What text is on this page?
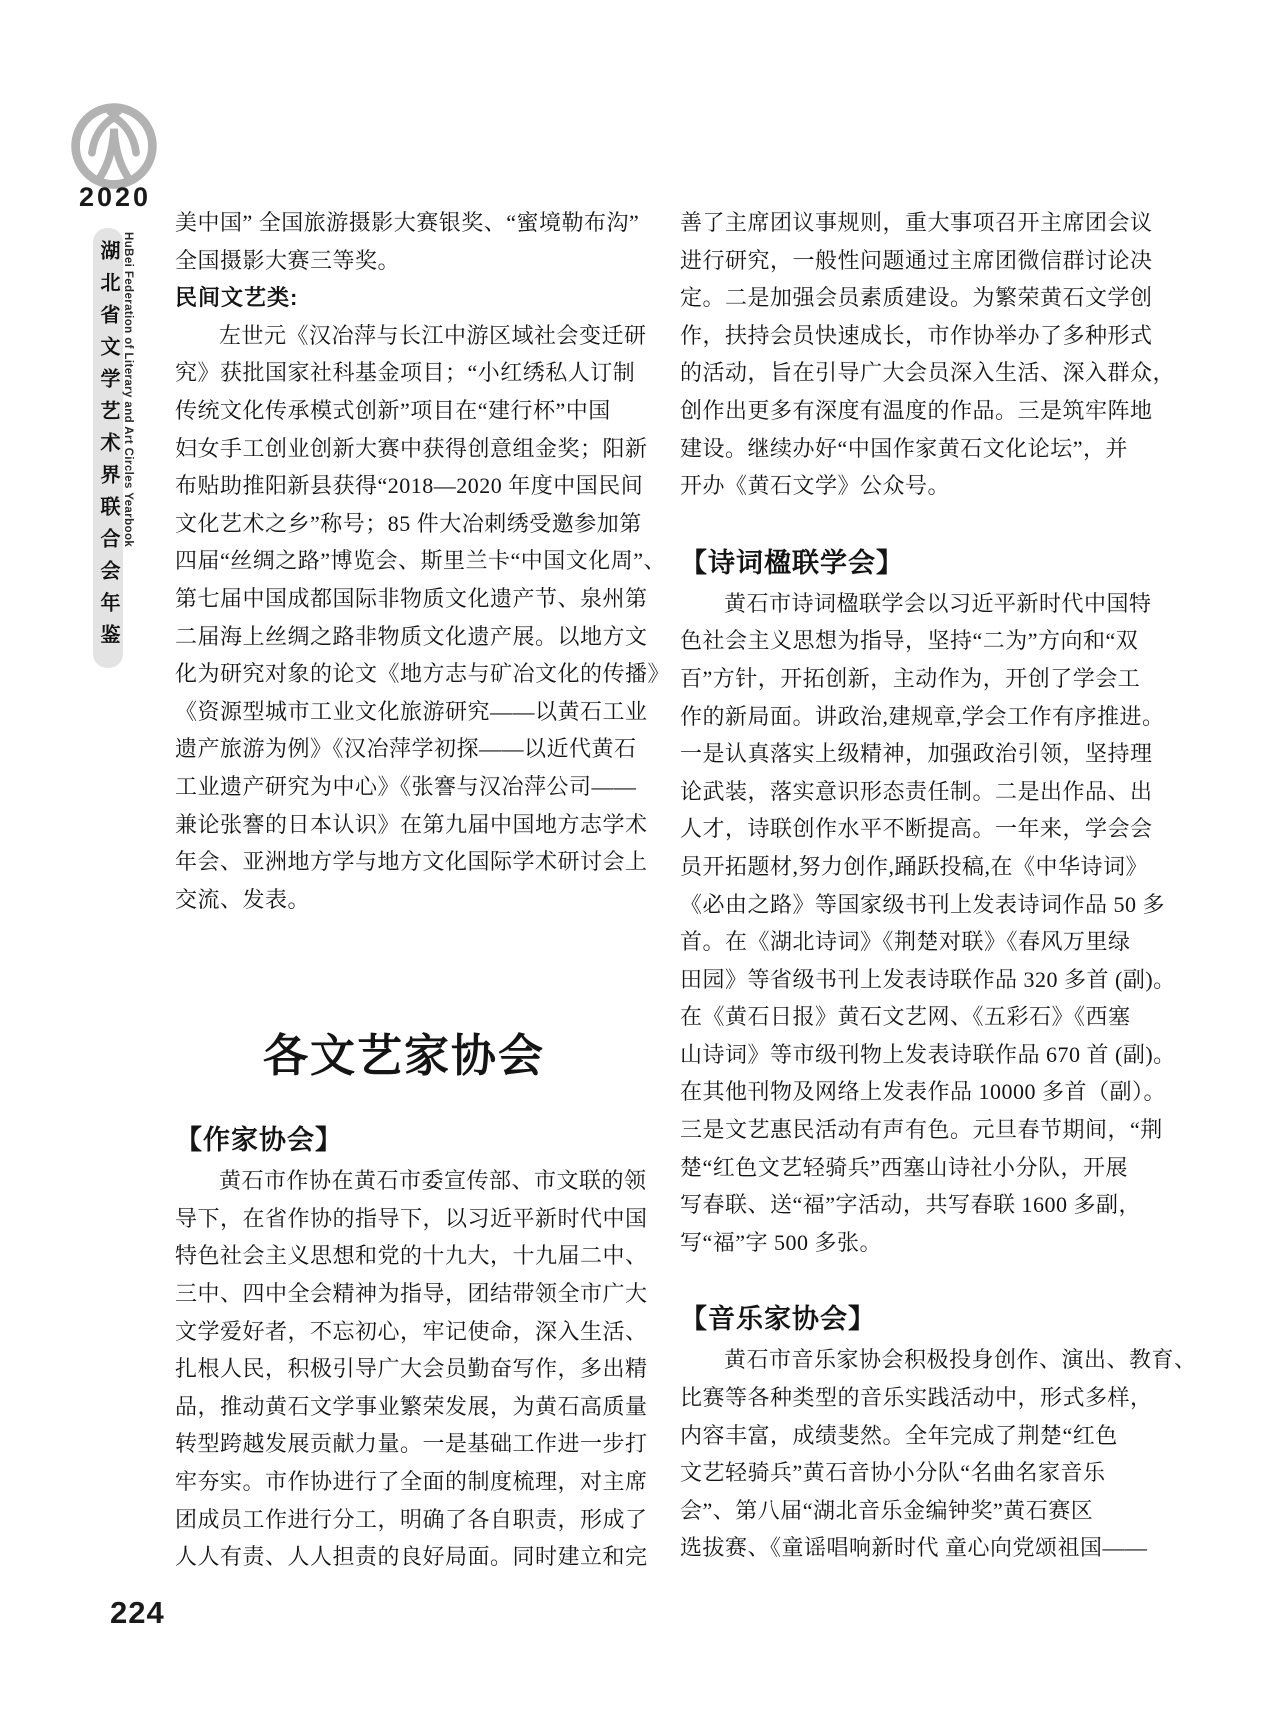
2020
湖北省文学艺术界联合会年鉴 HuBei Federation of Literary and Art Circles Yearbook
224
美中国” 全国旅游摄影大赛银奖、“蜜境勒布沟”
全国摄影大赛三等奖。
民间文艺类:
左世元《汉冶萍与长江中游区域社会变迁研
究》获批国家社科基金项目；“小红绣私人订制
传统文化传承模式创新”项目在“建行杯”中国
妇女手工创业创新大赛中获得创意组金奖；阳新
布贴助推阳新县获得“2018—2020 年度中国民间
文化艺术之乡”称号；85 件大冶刺绣受邀参加第
四届“丝绸之路”博览会、斯里兰卡“中国文化周”、
第七届中国成都国际非物质文化遗产节、泉州第
二届海上丝绸之路非物质文化遗产展。以地方文
化为研究对象的论文《地方志与矿冶文化的传播》
《资源型城市工业文化旅游研究——以黄石工业
遗产旅游为例》《汉冶萍学初探——以近代黄石
工业遗产研究为中心》《张謇与汉冶萍公司——
兼论张謇的日本认识》在第九届中国地方志学术
年会、亚洲地方学与地方文化国际学术研讨会上
交流、发表。
各文艺家协会
【作家协会】
黄石市作协在黄石市委宣传部、市文联的领
导下，在省作协的指导下，以习近平新时代中国
特色社会主义思想和党的十九大，十九届二中、
三中、四中全会精神为指导，团结带领全市广大
文学爱好者，不忘初心，牢记使命，深入生活、
扎根人民，积极引导广大会员勤奋写作，多出精
品，推动黄石文学事业繁荣发展，为黄石高质量
转型跨越发展贡献力量。一是基础工作进一步打
牢夯实。市作协进行了全面的制度梳理，对主席
团成员工作进行分工，明确了各自职责，形成了
人人有责、人人担责的良好局面。同时建立和完
善了主席团议事规则，重大事项召开主席团会议
进行研究，一般性问题通过主席团微信群讨论决
定。二是加强会员素质建设。为繁荣黄石文学创
作，扶持会员快速成长，市作协举办了多种形式
的活动，旨在引导广大会员深入生活、深入群众，
创作出更多有深度有温度的作品。三是筑牢阵地
建设。继续办好“中国作家黄石文化论坛”，并
开办《黄石文学》公众号。
【诗词楹联学会】
黄石市诗词楹联学会以习近平新时代中国特
色社会主义思想为指导，坚持“二为”方向和“双
百”方针，开拓创新，主动作为，开创了学会工
作的新局面。讲政治,建规章,学会工作有序推进。
一是认真落实上级精神，加强政治引领，坚持理
论武装，落实意识形态责任制。二是出作品、出
人才，诗联创作水平不断提高。一年来，学会会
员开拓题材,努力创作,踊跃投稿,在《中华诗词》
《必由之路》等国家级书刊上发表诗词作品 50 多
首。在《湖北诗词》《荆楚对联》《春风万里绿
田园》等省级书刊上发表诗联作品 320 多首 (副)。
在《黄石日报》黄石文艺网、《五彩石》《西塞
山诗词》等市级刊物上发表诗联作品 670 首 (副)。
在其他刊物及网络上发表作品 10000 多首（副）。
三是文艺惠民活动有声有色。元旦春节期间，“荆
楚“红色文艺轻骑兵”西塞山诗社小分队，开展
写春联、送“福”字活动，共写春联 1600 多副，
写“福”字 500 多张。
【音乐家协会】
黄石市音乐家协会积极投身创作、演出、教育、
比赛等各种类型的音乐实践活动中，形式多样，
内容丰富，成绩斐然。全年完成了荆楚“红色
文艺轻骑兵”黄石音协小分队“名曲名家音乐
会”、第八届“湖北音乐金编钟奖”黄石赛区
选拔赛、《童谣唱响新时代 童心向党颂祖国——
